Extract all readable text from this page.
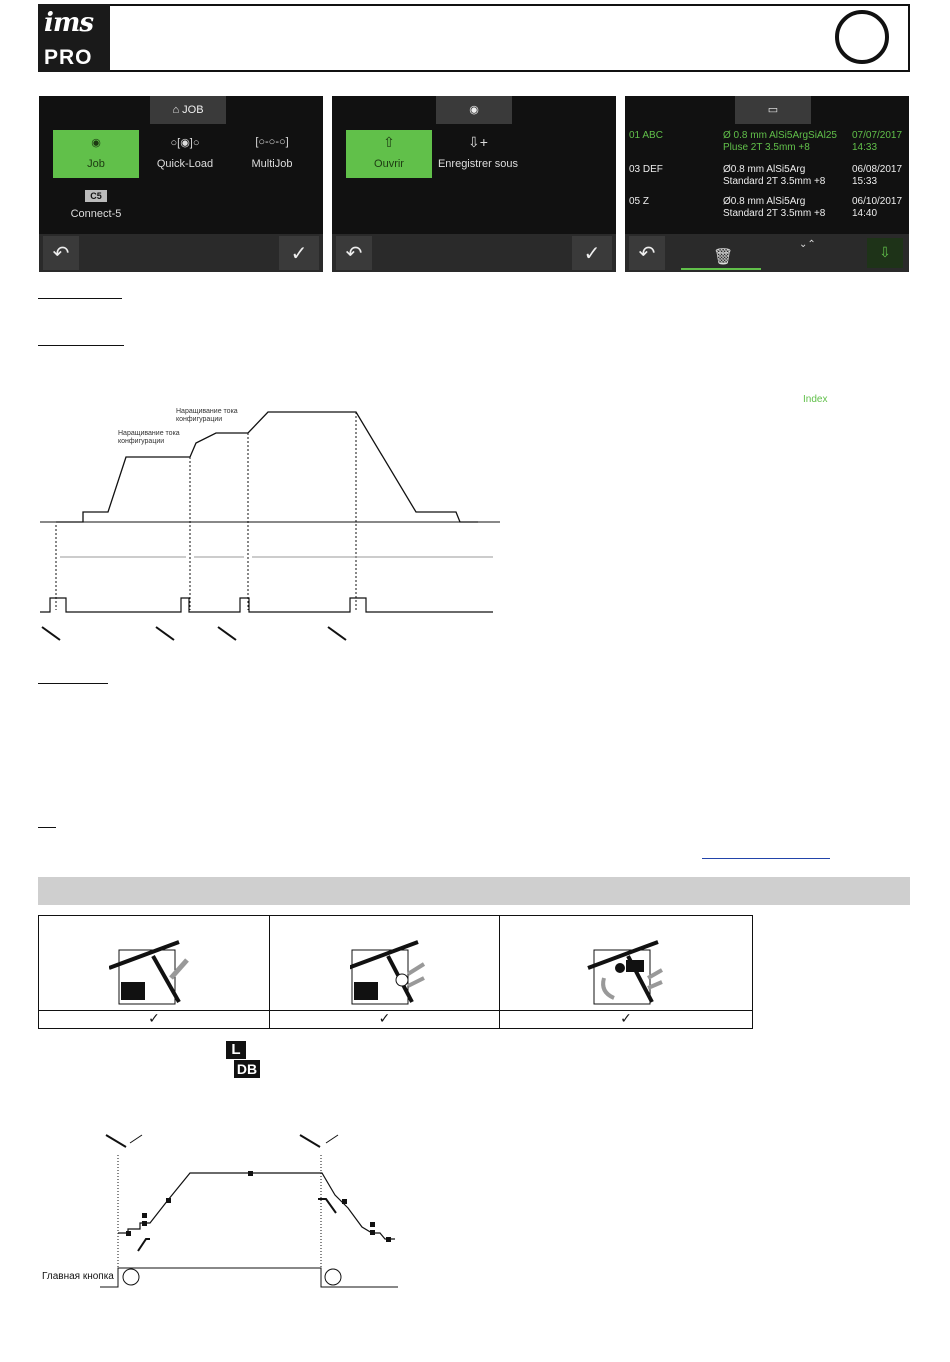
ims
PRO
⌂ JOB
◉
Job
○[◉]○
Quick-Load
[○-○-○]
MultiJob
C5
Connect-5
↶	✓
◉
⇧
Ouvrir
⇩+
Enregistrer sous
↶	✓
▭
01 ABC	Ø 0.8 mm AlSi5ArgSiAl25
Pluse 2T 3.5mm +8
07/07/2017
14:33
03 DEF	Ø0.8 mm AlSi5Arg
Standard 2T 3.5mm +8
06/08/2017
15:33
05 Z	Ø0.8 mm AlSi5Arg
Standard 2T 3.5mm +8
06/10/2017
14:40
↶	🗑
⌄⌃
Index
⇩
Наращивание тока конфигурации
Наращивание тока конфигурации
✓	✓	✓
L
DB
Главная кнопка
